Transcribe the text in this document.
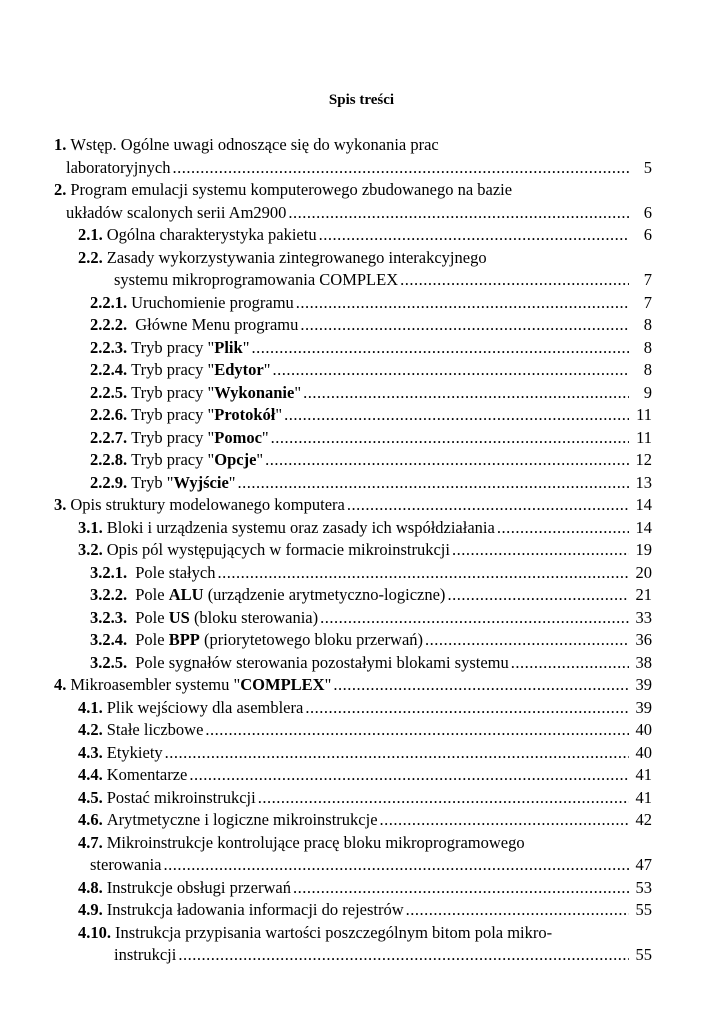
Spis treści
1. Wstęp. Ogólne uwagi odnoszące się do wykonania prac
laboratoryjnych .....	5
2. Program emulacji systemu komputerowego zbudowanego na bazie
układów scalonych serii Am2900 .....	6
2.1. Ogólna charakterystyka pakietu .....	6
2.2. Zasady wykorzystywania zintegrowanego interakcyjnego
systemu mikroprogramowania COMPLEX .....	7
2.2.1. Uruchomienie programu .....	7
2.2.2. Główne Menu programu .....	8
2.2.3. Tryb pracy "Plik" .....	8
2.2.4. Tryb pracy "Edytor" .....	8
2.2.5. Tryb pracy "Wykonanie" .....	9
2.2.6. Tryb pracy "Protokół" .....	11
2.2.7. Tryb pracy "Pomoc" .....	11
2.2.8. Tryb pracy "Opcje" .....	12
2.2.9. Tryb "Wyjście" .....	13
3. Opis struktury modelowanego komputera .....	14
3.1. Bloki i urządzenia systemu oraz zasady ich współdziałania .....	14
3.2. Opis pól występujących w formacie mikroinstrukcji .....	19
3.2.1. Pole stałych .....	20
3.2.2. Pole ALU (urządzenie arytmetyczno-logiczne) .....	21
3.2.3. Pole US (bloku sterowania) .....	33
3.2.4. Pole BPP (priorytetowego bloku przerwań) .....	36
3.2.5. Pole sygnałów sterowania pozostałymi blokami systemu .....	38
4. Mikroasembler systemu "COMPLEX" .....	39
4.1. Plik wejściowy dla asemblera .....	39
4.2. Stałe liczbowe .....	40
4.3. Etykiety .....	40
4.4. Komentarze .....	41
4.5. Postać mikroinstrukcji .....	41
4.6. Arytmetyczne i logiczne mikroinstrukcje .....	42
4.7. Mikroinstrukcje kontrolujące pracę bloku mikroprogramowego
sterowania .....	47
4.8. Instrukcje obsługi przerwań .....	53
4.9. Instrukcja ładowania informacji do rejestrów .....	55
4.10. Instrukcja przypisania wartości poszczególnym bitom pola mikro-
instrukcji .....	55
